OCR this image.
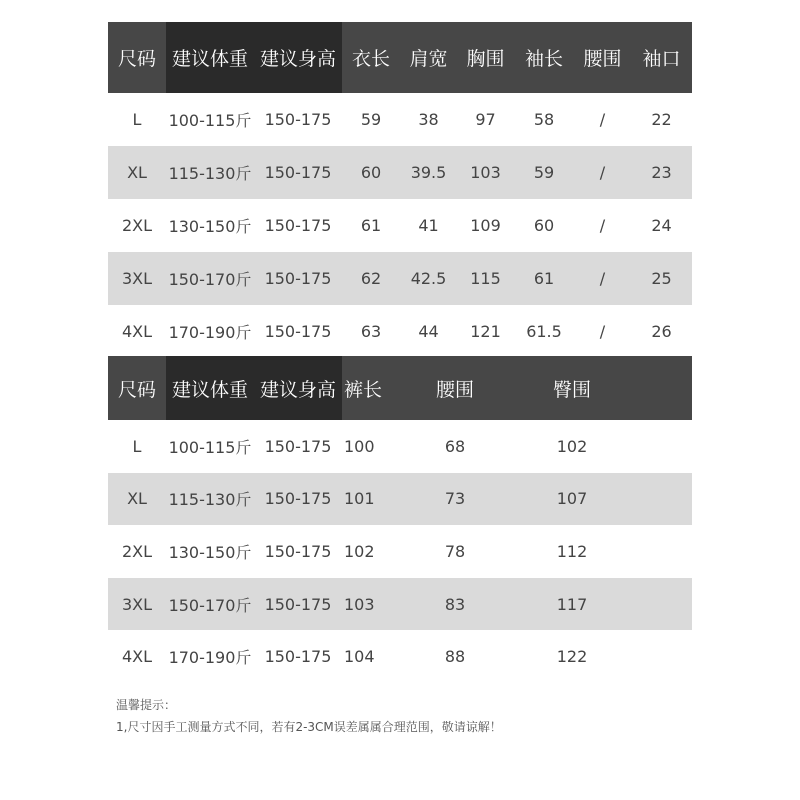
尺码 建议体重 建议身高 衣长	肩宽 胸围	袖长	腰围	袖口
L	100-115斤 150-175	59	38	97	58	/	22
XL	115-130斤 150-175	60	39.5	103	59	/	23
2XL	130-150斤 150-175	61	41	109	60	/	24
3XL	150-170斤 150-175	62	42.5	115	61	/	25
4XL	170-190斤 150-175	63	44	121	61.5	/	26
尺码 建议体重 建议身高 裤长	腰围	臀围
L	100-115斤 150-175 100	68	102
XL	115-130斤 150-175 101	73	107
2XL	130-150斤 150-175 102	78	112
3XL	150-170斤 150-175 103	83	117
4XL	170-190斤 150-175 104	88	122
温馨提示：
1,尺寸因手工测量方式不同，若有2-3CM误差属属合理范围，敬请谅解！
